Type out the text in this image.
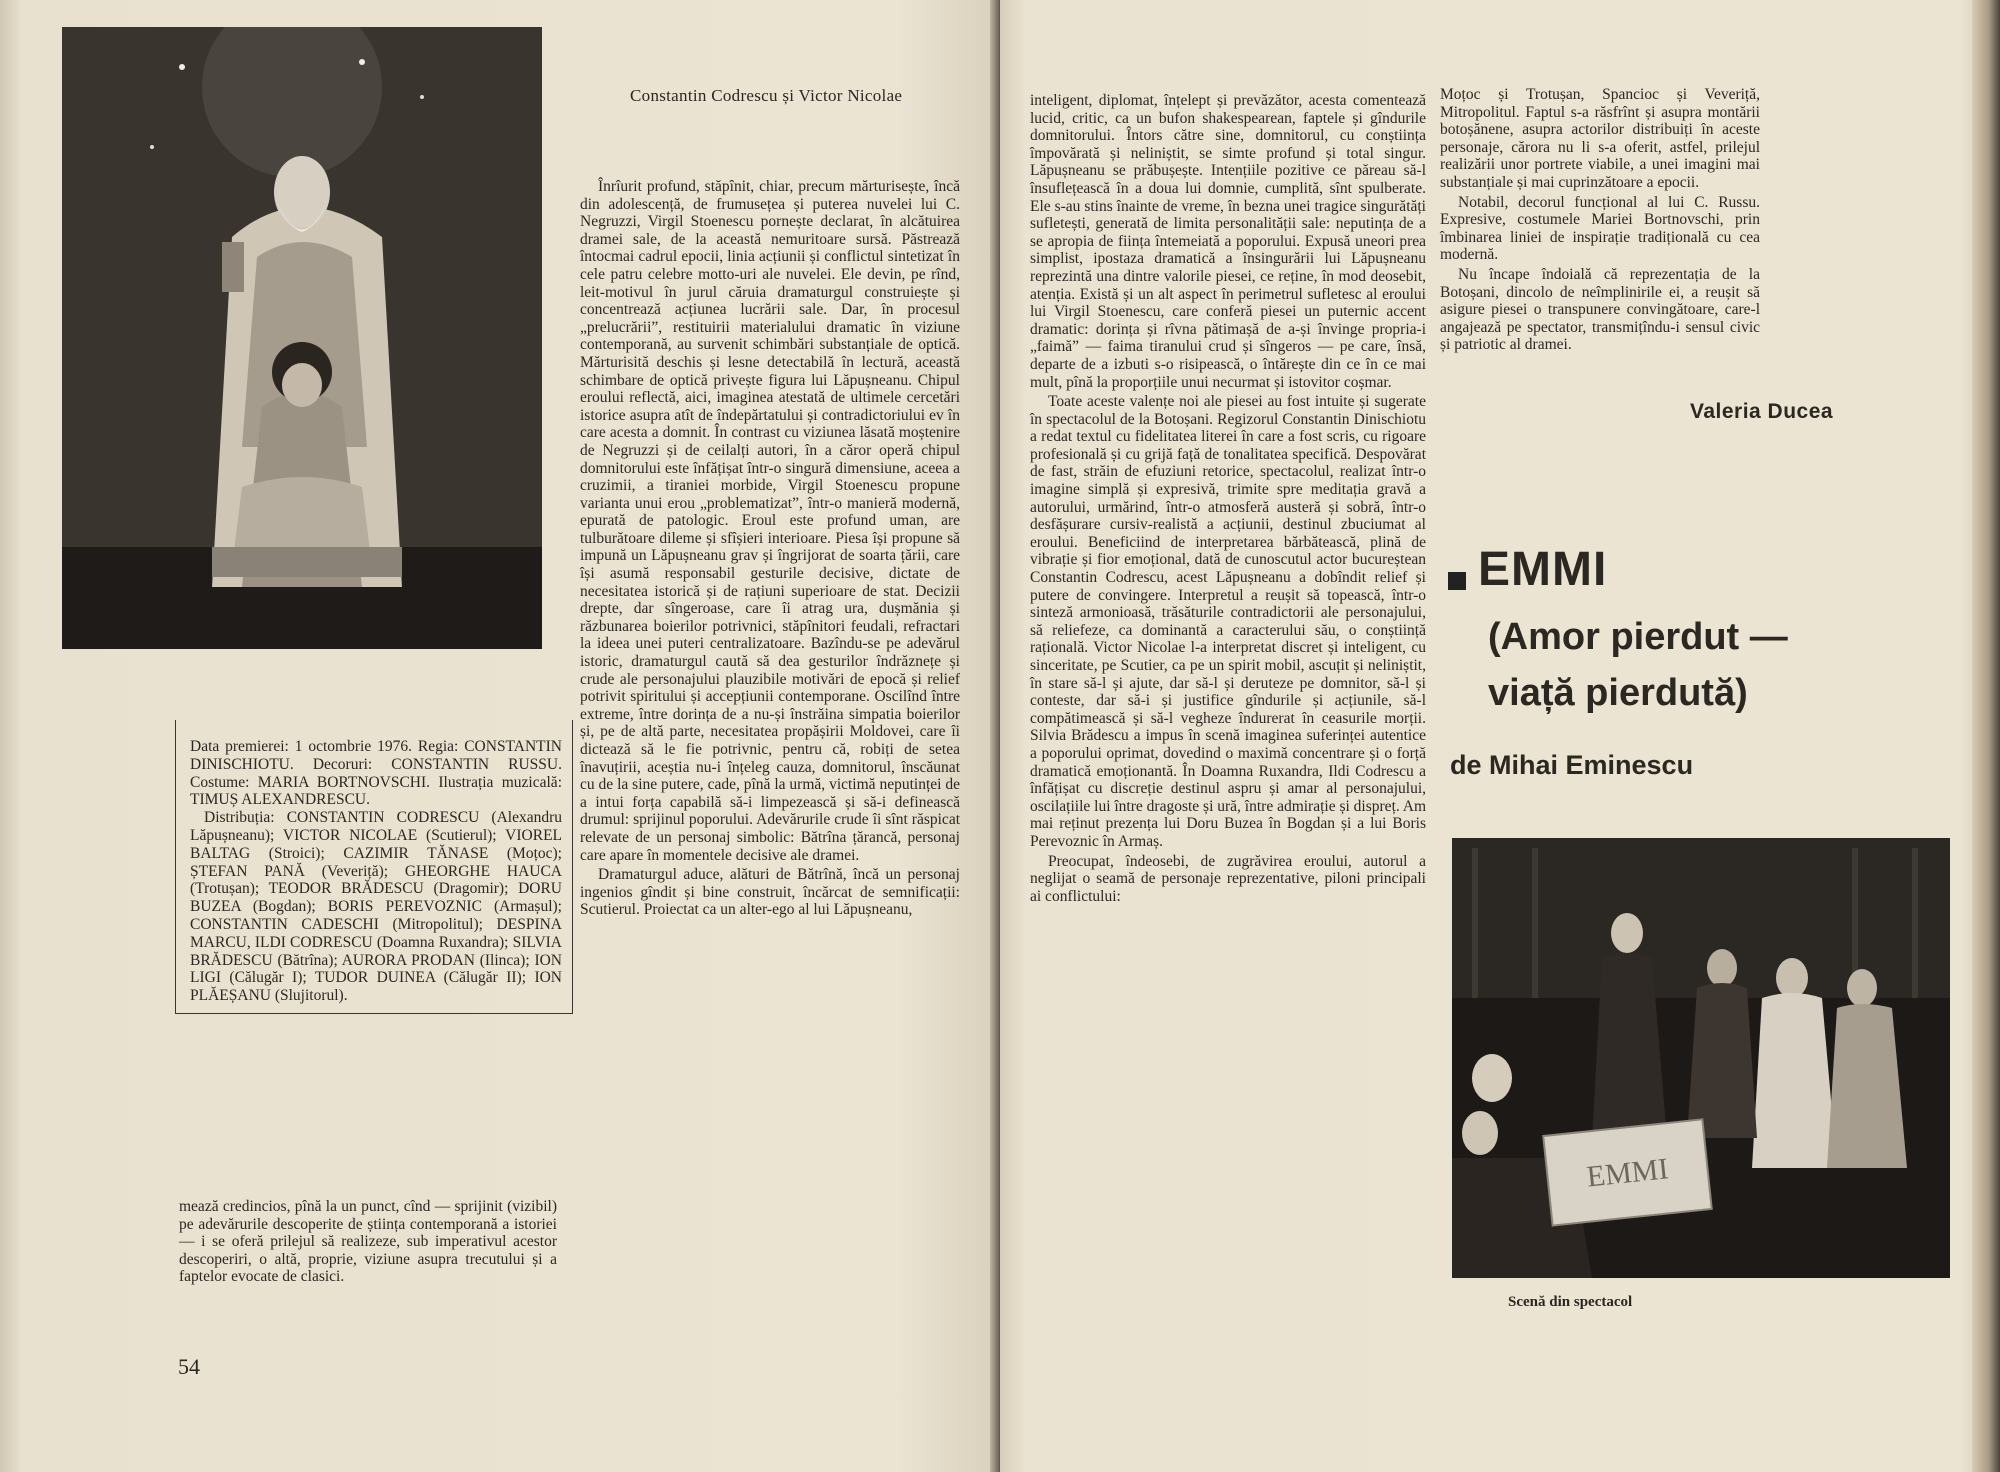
Constantin Codrescu și Victor Nicolae

Data premierei: 1 octombrie 1976. Regia: CONSTANTIN DINISCHIOTU. Decoruri: CONSTANTIN RUSSU. Costume: MARIA BORTNOVSCHI. Ilustrația muzicală: TIMUȘ ALEXANDRESCU.

Distribuția: CONSTANTIN CODRESCU (Alexandru Lăpușneanu); VICTOR NICOLAE (Scutierul); VIOREL BALTAG (Stroici); CAZIMIR TĂNASE (Moțoc); ȘTEFAN PANĂ (Veveriță); GHEORGHE HAUCA (Trotușan); TEODOR BRĂDESCU (Dragomir); DORU BUZEA (Bogdan); BORIS PEREVOZNIC (Armașul); CONSTANTIN CADESCHI (Mitropolitul); DESPINA MARCU, ILDI CODRESCU (Doamna Ruxandra); SILVIA BRĂDESCU (Bătrîna); AURORA PRODAN (Ilinca); ION LIGI (Călugăr I); TUDOR DUINEA (Călugăr II); ION PLĂEȘANU (Slujitorul).

mează credincios, pînă la un punct, cînd — sprijinit (vizibil) pe adevărurile descoperite de știința contemporană a istoriei — i se oferă prilejul să realizeze, sub imperativul acestor descoperiri, o altă, proprie, viziune asupra trecutului și a faptelor evocate de clasici.

Înrîurit profund, stăpînit, chiar, precum mărturisește, încă din adolescență, de frumusețea și puterea nuvelei lui C. Negruzzi, Virgil Stoenescu pornește declarat, în alcătuirea dramei sale, de la această nemuritoare sursă. Păstrează întocmai cadrul epocii, linia acțiunii și conflictul sintetizat în cele patru celebre motto-uri ale nuvelei. Ele devin, pe rînd, leit-motivul în jurul căruia dramaturgul construiește și concentrează acțiunea lucrării sale. Dar, în procesul „prelucrării”, restituirii materialului dramatic în viziune contemporană, au survenit schimbări substanțiale de optică. Mărturisită deschis și lesne detectabilă în lectură, această schimbare de optică privește figura lui Lăpușneanu. Chipul eroului reflectă, aici, imaginea atestată de ultimele cercetări istorice asupra atît de îndepărtatului și contradictoriului ev în care acesta a domnit. În contrast cu viziunea lăsată moștenire de Negruzzi și de ceilalți autori, în a căror operă chipul domnitorului este înfățișat într-o singură dimensiune, aceea a cruzimii, a tiraniei morbide, Virgil Stoenescu propune varianta unui erou „problematizat”, într-o manieră modernă, epurată de patologic. Eroul este profund uman, are tulburătoare dileme și sfîșieri interioare. Piesa își propune să impună un Lăpușneanu grav și îngrijorat de soarta țării, care își asumă responsabil gesturile decisive, dictate de necesitatea istorică și de rațiuni superioare de stat. Decizii drepte, dar sîngeroase, care îi atrag ura, dușmănia și răzbunarea boierilor potrivnici, stăpînitori feudali, refractari la ideea unei puteri centralizatoare. Bazîndu-se pe adevărul istoric, dramaturgul caută să dea gesturilor îndrăznețe și crude ale personajului plauzibile motivări de epocă și relief potrivit spiritului și accepțiunii contemporane. Oscilînd între extreme, între dorința de a nu-și înstrăina simpatia boierilor și, pe de altă parte, necesitatea propășirii Moldovei, care îi dictează să le fie potrivnic, pentru că, robiți de setea înavuțirii, aceștia nu-i înțeleg cauza, domnitorul, înscăunat cu de la sine putere, cade, pînă la urmă, victimă neputinței de a intui forța capabilă să-i limpezească și să-i definească drumul: sprijinul poporului. Adevărurile crude îi sînt răspicat relevate de un personaj simbolic: Bătrîna țărancă, personaj care apare în momentele decisive ale dramei.

Dramaturgul aduce, alături de Bătrînă, încă un personaj ingenios gîndit și bine construit, încărcat de semnificații: Scutierul. Proiectat ca un alter-ego al lui Lăpușneanu,

54

inteligent, diplomat, înțelept și prevăzător, acesta comentează lucid, critic, ca un bufon shakespearean, faptele și gîndurile domnitorului. Întors către sine, domnitorul, cu conștiința împovărată și neliniștit, se simte profund și total singur. Lăpușneanu se prăbușește. Intențiile pozitive ce păreau să-l însuflețească în a doua lui domnie, cumplită, sînt spulberate. Ele s-au stins înainte de vreme, în bezna unei tragice singurătăți sufletești, generată de limita personalității sale: neputința de a se apropia de ființa întemeiată a poporului. Expusă uneori prea simplist, ipostaza dramatică a însingurării lui Lăpușneanu reprezintă una dintre valorile piesei, ce reține, în mod deosebit, atenția. Există și un alt aspect în perimetrul sufletesc al eroului lui Virgil Stoenescu, care conferă piesei un puternic accent dramatic: dorința și rîvna pătimașă de a-și învinge propria-i „faimă” — faima tiranului crud și sîngeros — pe care, însă, departe de a izbuti s-o risipească, o întărește din ce în ce mai mult, pînă la proporțiile unui necurmat și istovitor coșmar.

Toate aceste valențe noi ale piesei au fost intuite și sugerate în spectacolul de la Botoșani. Regizorul Constantin Dinischiotu a redat textul cu fidelitatea literei în care a fost scris, cu rigoare profesională și cu grijă față de tonalitatea specifică. Despovărat de fast, străin de efuziuni retorice, spectacolul, realizat într-o imagine simplă și expresivă, trimite spre meditația gravă a autorului, urmărind, într-o atmosferă austeră și sobră, într-o desfășurare cursiv-realistă a acțiunii, destinul zbuciumat al eroului. Beneficiind de interpretarea bărbătească, plină de vibrație și fior emoțional, dată de cunoscutul actor bucureștean Constantin Codrescu, acest Lăpușneanu a dobîndit relief și putere de convingere. Interpretul a reușit să topească, într-o sinteză armonioasă, trăsăturile contradictorii ale personajului, să reliefeze, ca dominantă a caracterului său, o conștiință rațională. Victor Nicolae l-a interpretat discret și inteligent, cu sinceritate, pe Scutier, ca pe un spirit mobil, ascuțit și neliniștit, în stare să-l și ajute, dar să-l și deruteze pe domnitor, să-l și conteste, dar să-i și justifice gîndurile și acțiunile, să-l compătimească și să-l vegheze îndurerat în ceasurile morții. Silvia Brădescu a impus în scenă imaginea suferinței autentice a poporului oprimat, dovedind o maximă concentrare și o forță dramatică emoționantă. În Doamna Ruxandra, Ildi Codrescu a înfățișat cu discreție destinul aspru și amar al personajului, oscilațiile lui între dragoste și ură, între admirație și dispreț. Am mai reținut prezența lui Doru Buzea în Bogdan și a lui Boris Perevoznic în Armaș.

Preocupat, îndeosebi, de zugrăvirea eroului, autorul a neglijat o seamă de personaje reprezentative, piloni principali ai conflictului:

Moțoc și Trotușan, Spancioc și Veveriță, Mitropolitul. Faptul s-a răsfrînt și asupra montării botoșănene, asupra actorilor distribuiți în aceste personaje, cărora nu li s-a oferit, astfel, prilejul realizării unor portrete viabile, a unei imagini mai substanțiale și mai cuprinzătoare a epocii.

Notabil, decorul funcțional al lui C. Russu. Expresive, costumele Mariei Bortnovschi, prin îmbinarea liniei de inspirație tradițională cu cea modernă.

Nu încape îndoială că reprezentația de la Botoșani, dincolo de neîmplinirile ei, a reușit să asigure piesei o transpunere convingătoare, care-l angajează pe spectator, transmițîndu-i sensul civic și patriotic al dramei.

Valeria Ducea
EMMI
(Amor pierdut —
viață pierdută)
de Mihai Eminescu
EMMI
Scenă din spectacol
